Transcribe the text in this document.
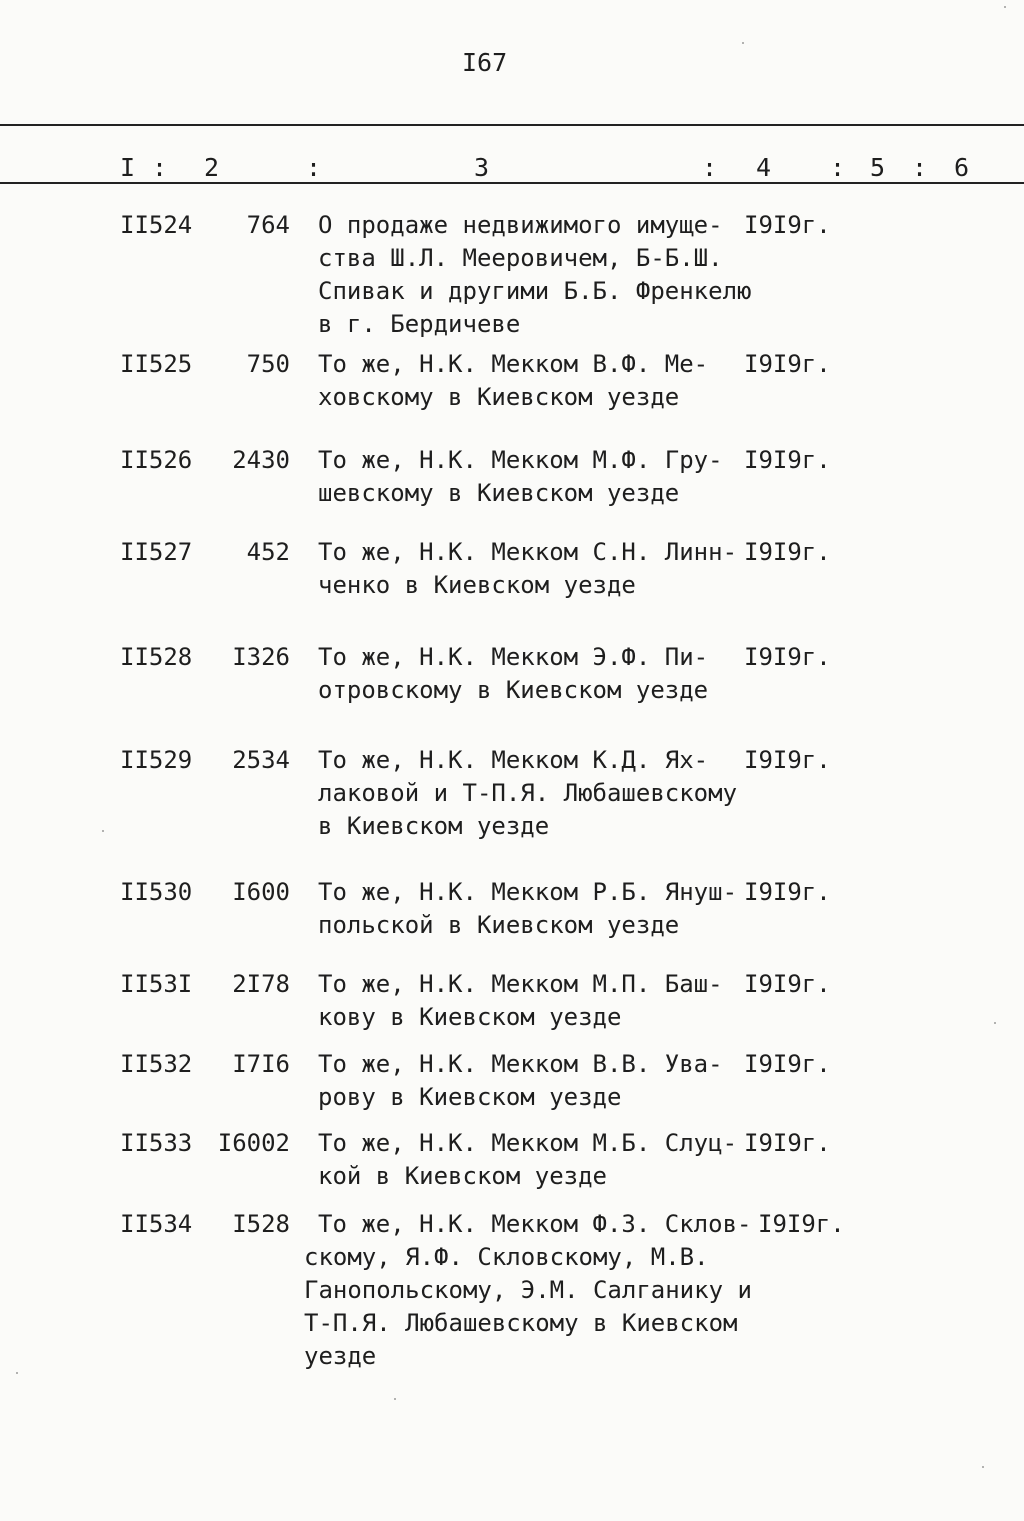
I67
I : 2	:	3	: 4 : 5 : 6
II524 764 О продаже недвижимого имуще-
ства Ш.Л. Мееровичем, Б-Б.Ш.
Спивак и другими Б.Б. Френкелю
в г. Бердичеве
I9I9г.
II525 750 То же, Н.К. Мекком В.Ф. Ме-
ховскому в Киевском уезде
I9I9г.
II526 2430 То же, Н.К. Мекком М.Ф. Гру-
шевскому в Киевском уезде
I9I9г.
II527 452 То же, Н.К. Мекком С.Н. Линн-
ченко в Киевском уезде
I9I9г.
II528 I326 То же, Н.К. Мекком Э.Ф. Пи-
отровскому в Киевском уезде
I9I9г.
II529 2534 То же, Н.К. Мекком К.Д. Ях-
лаковой и Т-П.Я. Любашевскому
в Киевском уезде
I9I9г.
II530 I600 То же, Н.К. Мекком Р.Б. Януш-
польской в Киевском уезде
I9I9г.
II53I 2I78 То же, Н.К. Мекком М.П. Баш-
кову в Киевском уезде
I9I9г.
II532 I7I6 То же, Н.К. Мекком В.В. Ува-
рову в Киевском уезде
I9I9г.
II533 I6002 То же, Н.К. Мекком М.Б. Слуц-
кой в Киевском уезде
I9I9г.
II534 I528	То же, Н.К. Мекком Ф.З. Склов-
скому, Я.Ф. Скловскому, М.В.
Ганопольскому, Э.М. Салганику и
Т-П.Я. Любашевскому в Киевском
уезде
I9I9г.
